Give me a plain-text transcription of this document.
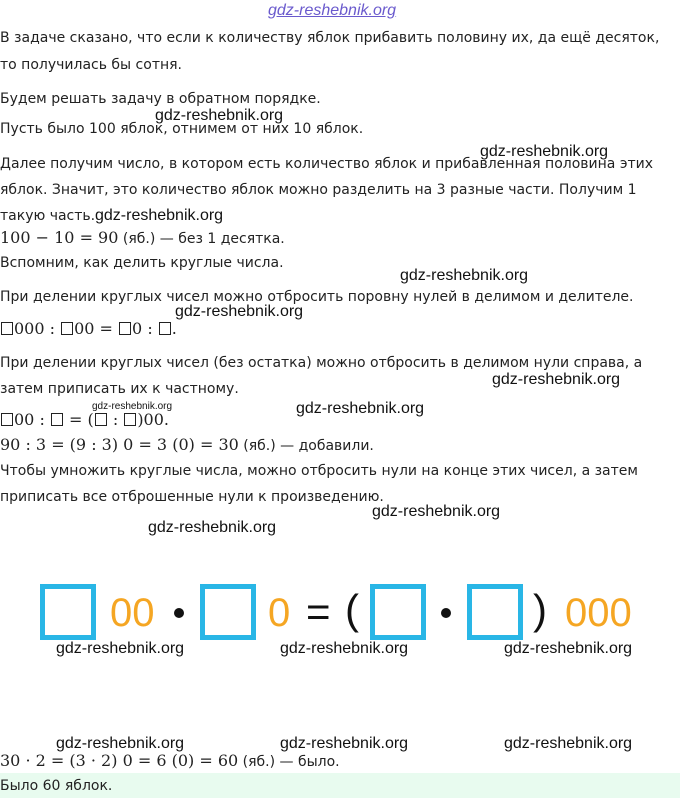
В задаче сказано, что если к количеству яблок прибавить половину их, да ещё десяток,
то получилась бы сотня.
Будем решать задачу в обратном порядке.
Пусть было 100 яблок, отнимем от них 10 яблок.
Далее получим число, в котором есть количество яблок и прибавленная половина этих
яблок. Значит, это количество яблок можно разделить на 3 разные части. Получим 1
такую часть.
100 − 10 = 90 (яб.) — без 1 десятка.
Вспомним, как делить круглые числа.
При делении круглых чисел можно отбросить поровну нулей в делимом и делителе.
000 : 00 = 0 : .
При делении круглых чисел (без остатка) можно отбросить в делимом нули справа, а
затем приписать их к частному.
00 :  = ( : )00.
90 : 3 = (9 : 3) 0 = 3 (0) = 30 (яб.) — добавили.
Чтобы умножить круглые числа, можно отбросить нули на конце этих чисел, а затем
приписать все отброшенные нули к произведению.
00	0 = (	) 000
30 · 2 = (3 · 2) 0 = 6 (0) = 60 (яб.) — было.
Было 60 яблок.
gdz-reshebnik.org
gdz-reshebnik.org
gdz-reshebnik.org
gdz-reshebnik.org
gdz-reshebnik.org
gdz-reshebnik.org
gdz-reshebnik.org
gdz-reshebnik.org	gdz-reshebnik.org
gdz-reshebnik.org
gdz-reshebnik.org
gdz-reshebnik.org	gdz-reshebnik.org	gdz-reshebnik.org
gdz-reshebnik.org	gdz-reshebnik.org	gdz-reshebnik.org
